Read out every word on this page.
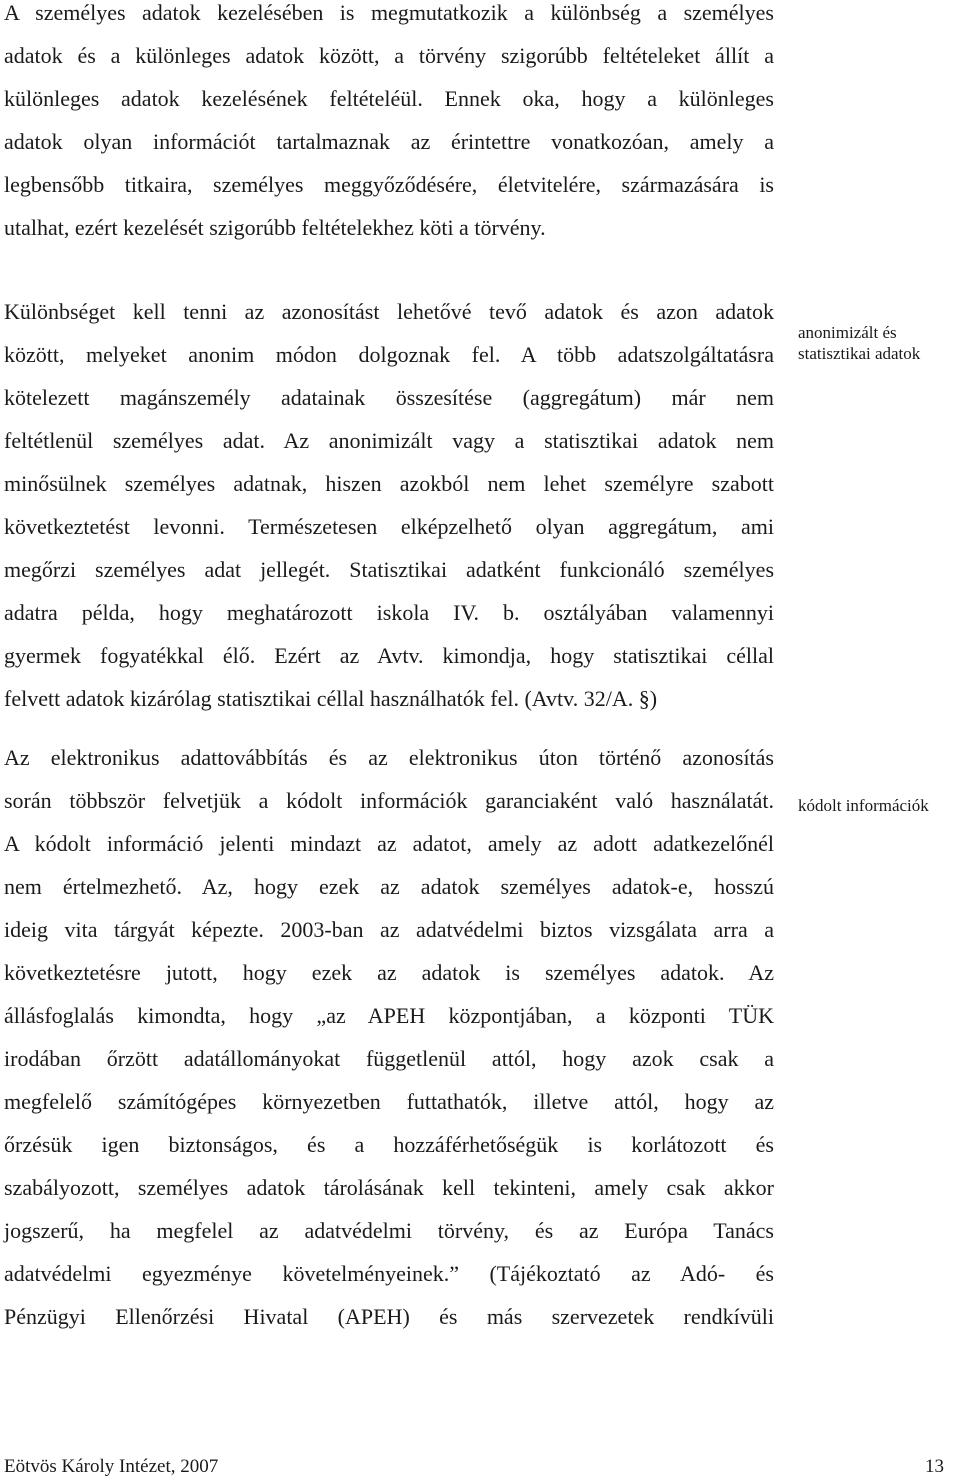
A személyes adatok kezelésében is megmutatkozik a különbség a személyes
adatok és a különleges adatok között, a törvény szigorúbb feltételeket állít a
különleges adatok kezelésének feltételéül. Ennek oka, hogy a különleges
adatok olyan információt tartalmaznak az érintettre vonatkozóan, amely a
legbensőbb titkaira, személyes meggyőződésére, életvitelére, származására is
utalhat, ezért kezelését szigorúbb feltételekhez köti a törvény.
Különbséget kell tenni az azonosítást lehetővé tevő adatok és azon adatok
között, melyeket anonim módon dolgoznak fel. A több adatszolgáltatásra
kötelezett magánszemély adatainak összesítése (aggregátum) már nem
feltétlenül személyes adat. Az anonimizált vagy a statisztikai adatok nem
minősülnek személyes adatnak, hiszen azokból nem lehet személyre szabott
következtetést levonni. Természetesen elképzelhető olyan aggregátum, ami
megőrzi személyes adat jellegét. Statisztikai adatként funkcionáló személyes
adatra példa, hogy meghatározott iskola IV. b. osztályában valamennyi
gyermek fogyatékkal élő. Ezért az Avtv. kimondja, hogy statisztikai céllal
felvett adatok kizárólag statisztikai céllal használhatók fel. (Avtv. 32/A. §)
Az elektronikus adattovábbítás és az elektronikus úton történő azonosítás
során többször felvetjük a kódolt információk garanciaként való használatát.
A kódolt információ jelenti mindazt az adatot, amely az adott adatkezelőnél
nem értelmezhető. Az, hogy ezek az adatok személyes adatok-e, hosszú
ideig vita tárgyát képezte. 2003-ban az adatvédelmi biztos vizsgálata arra a
következtetésre jutott, hogy ezek az adatok is személyes adatok. Az
állásfoglalás kimondta, hogy „az APEH központjában, a központi TÜK
irodában őrzött adatállományokat függetlenül attól, hogy azok csak a
megfelelő számítógépes környezetben futtathatók, illetve attól, hogy az
őrzésük igen biztonságos, és a hozzáférhetőségük is korlátozott és
szabályozott, személyes adatok tárolásának kell tekinteni, amely csak akkor
jogszerű, ha megfelel az adatvédelmi törvény, és az Európa Tanács
adatvédelmi egyezménye követelményeinek.” (Tájékoztató az Adó- és
Pénzügyi Ellenőrzési Hivatal (APEH) és más szervezetek rendkívüli
anonimizált és
statisztikai adatok
kódolt információk
Eötvös Károly Intézet, 2007	13
